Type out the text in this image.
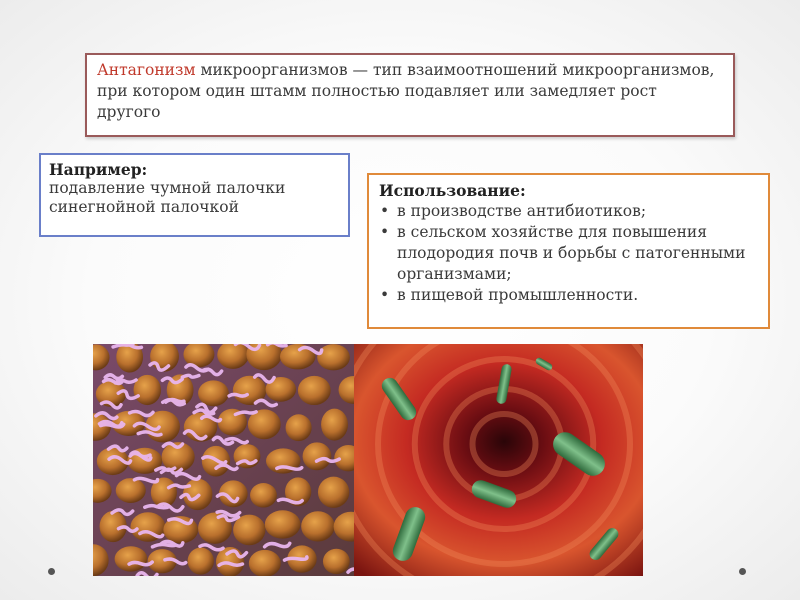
Антагонизм микроорганизмов — тип взаимоотношений микроорганизмов, при котором один штамм полностью подавляет или замедляет рост другого
Например:
подавление чумной палочки синегнойной палочкой
Использование:
• в производстве антибиотиков;
• в сельском хозяйстве для повышения плодородия почв и борьбы с патогенными организмами;
• в пищевой промышленности.
